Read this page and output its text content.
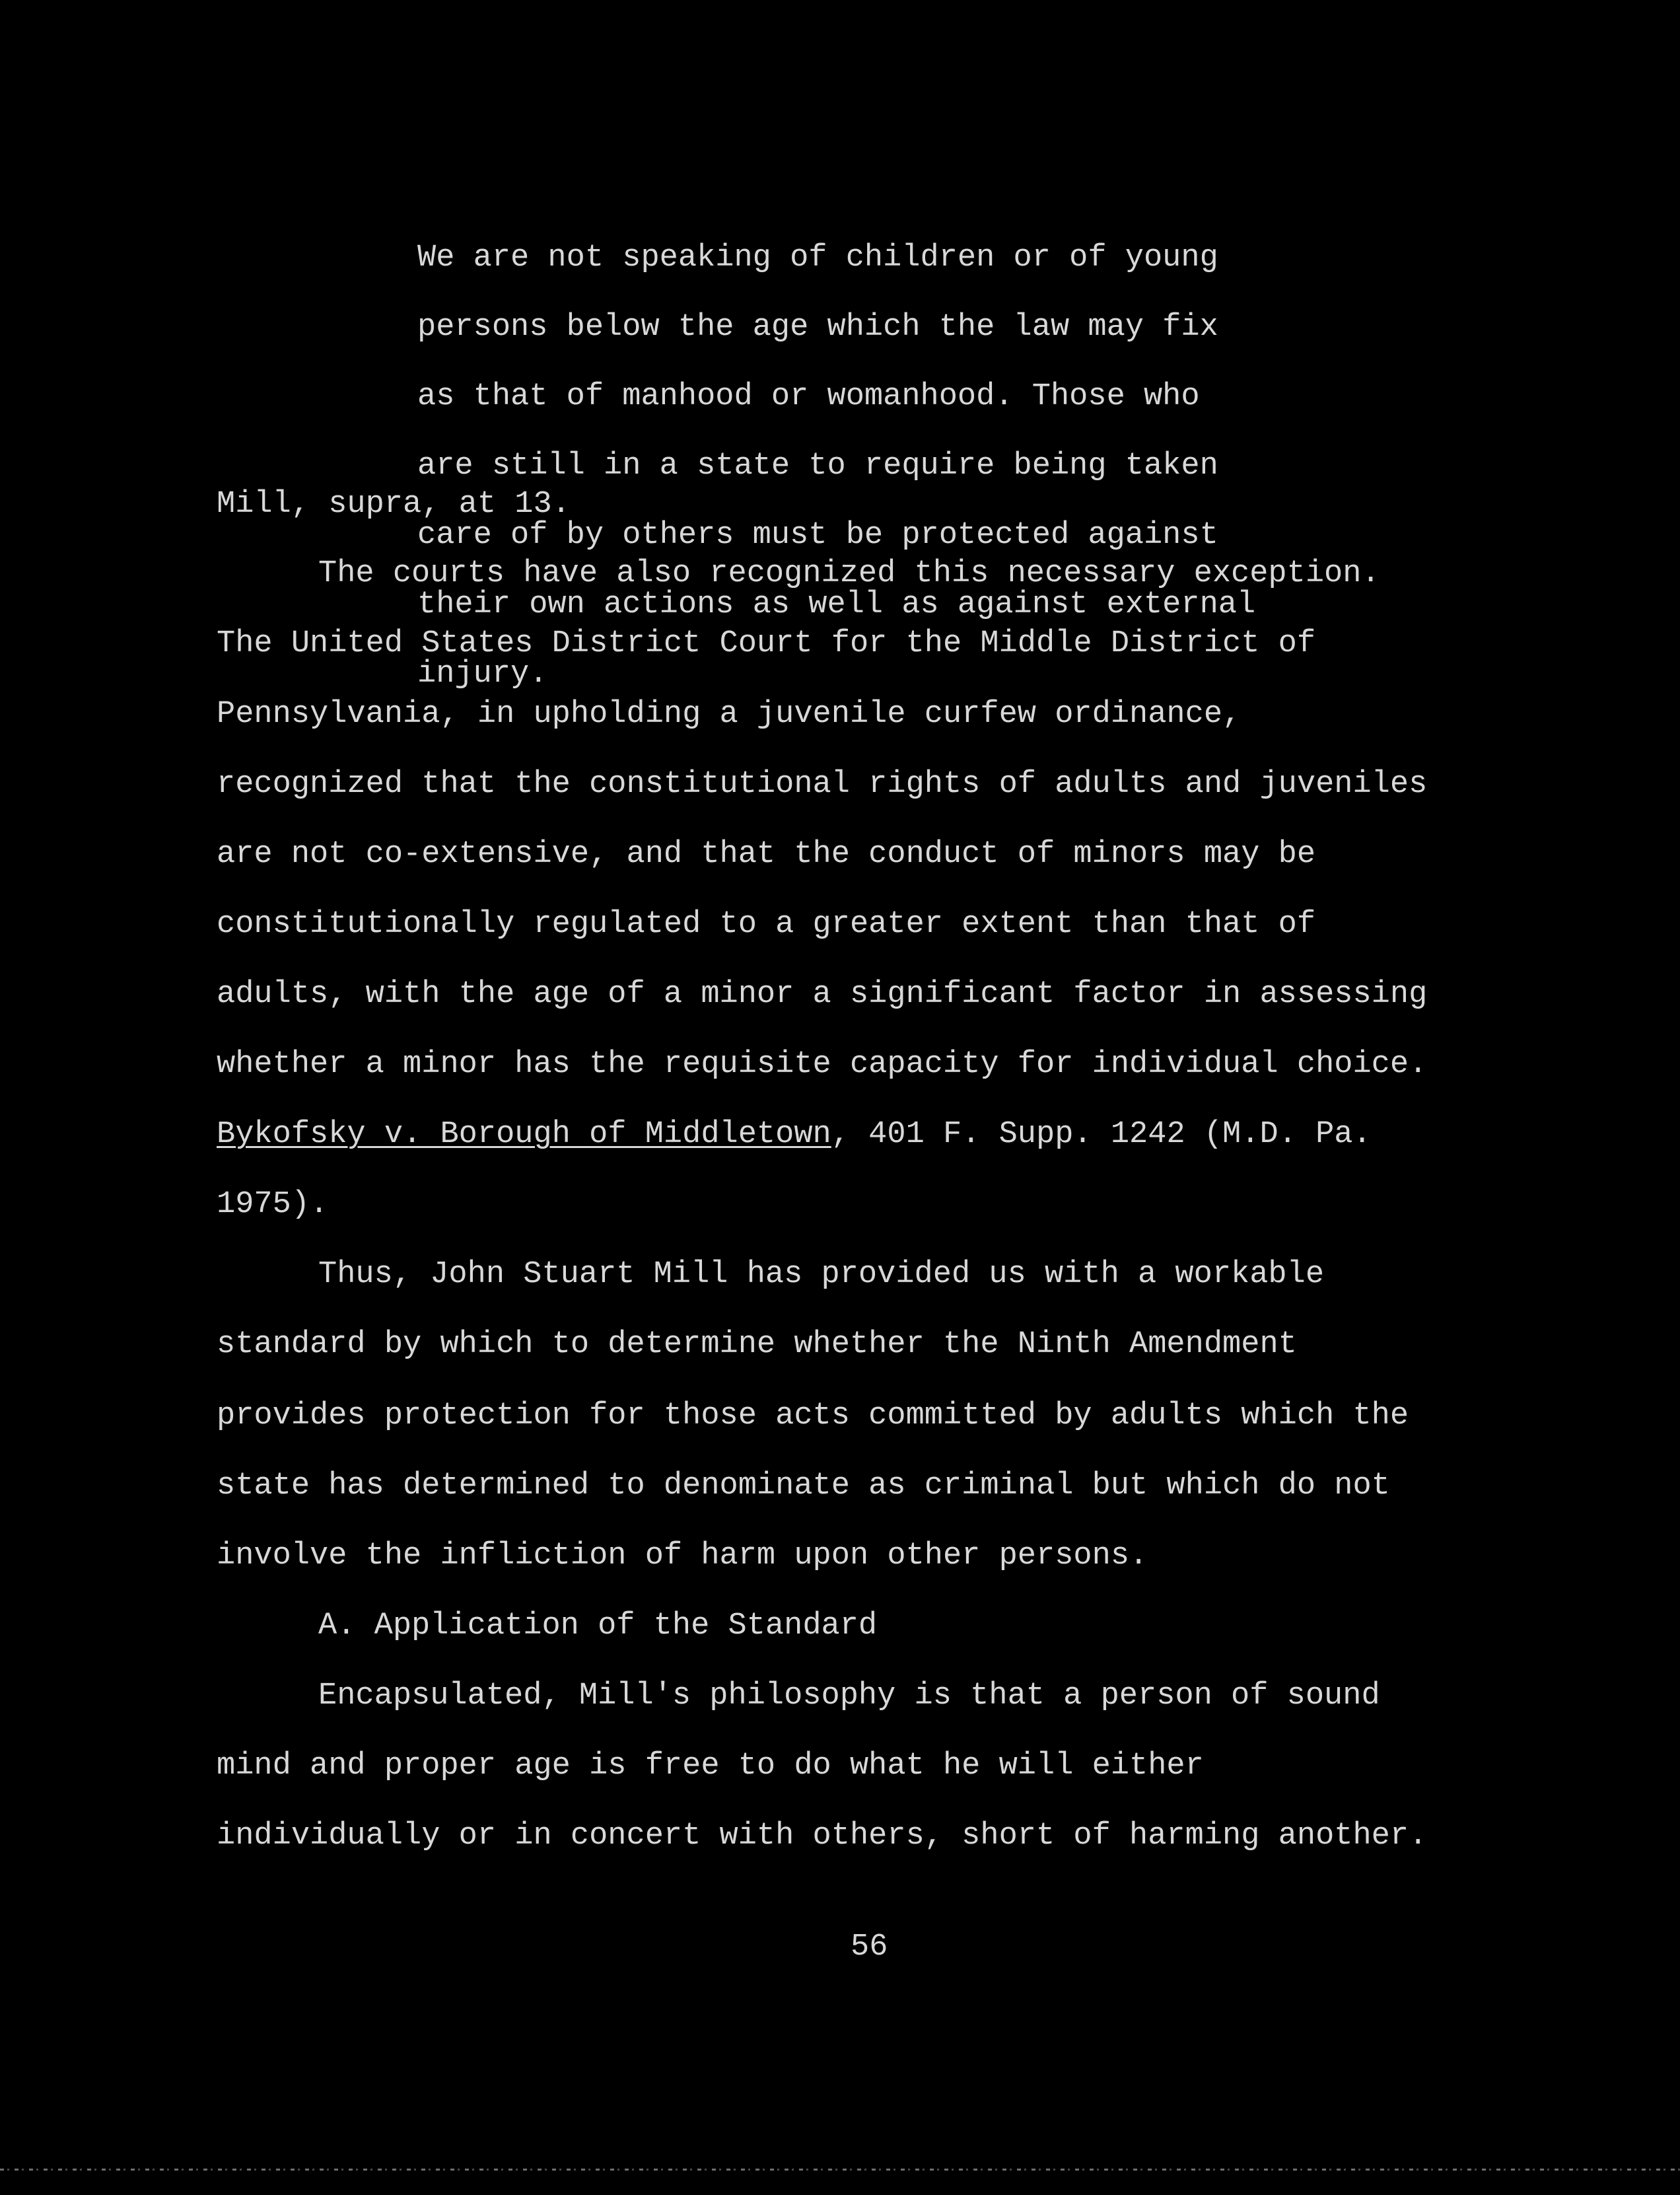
We are not speaking of children or of young

persons below the age which the law may fix

as that of manhood or womanhood. Those who

are still in a state to require being taken

care of by others must be protected against

their own actions as well as against external

injury.

Mill, supra, at 13.
The courts have also recognized this necessary exception.
The United States District Court for the Middle District of
Pennsylvania, in upholding a juvenile curfew ordinance,
recognized that the constitutional rights of adults and juveniles
are not co-extensive, and that the conduct of minors may be
constitutionally regulated to a greater extent than that of
adults, with the age of a minor a significant factor in assessing
whether a minor has the requisite capacity for individual choice.
Bykofsky v. Borough of Middletown, 401 F. Supp. 1242 (M.D. Pa.
1975).
Thus, John Stuart Mill has provided us with a workable
standard by which to determine whether the Ninth Amendment
provides protection for those acts committed by adults which the
state has determined to denominate as criminal but which do not
involve the infliction of harm upon other persons.
A. Application of the Standard
Encapsulated, Mill's philosophy is that a person of sound
mind and proper age is free to do what he will either
individually or in concert with others, short of harming another.
56
